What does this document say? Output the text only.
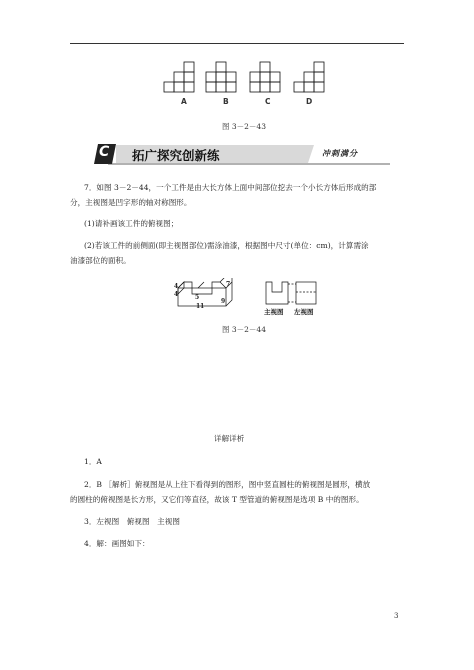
A	B	C	D
图 3－2－43
C 拓广探究创新练	冲刺满分
7．如图 3－2－44，一个工件是由大长方体上面中间部位挖去一个小长方体后形成的部
分，主视图是凹字形的轴对称图形。
(1)请补画该工件的俯视图；
(2)若该工件的前侧面(即主视图部位)需涂油漆，根据图中尺寸(单位：cm)，计算需涂
油漆部位的面积。
4
4	5
7
9
11
主视图 左视图
图 3－2－44
详解详析
1．A
2．B ［解析］俯视图是从上往下看得到的图形，图中竖直圆柱的俯视图是圆形，横放
的圆柱的俯视图是长方形，又它们等直径，故该 T 型管道的俯视图是选项 B 中的图形。
3．左视图　俯视图　主视图
4．解：画图如下：
3
